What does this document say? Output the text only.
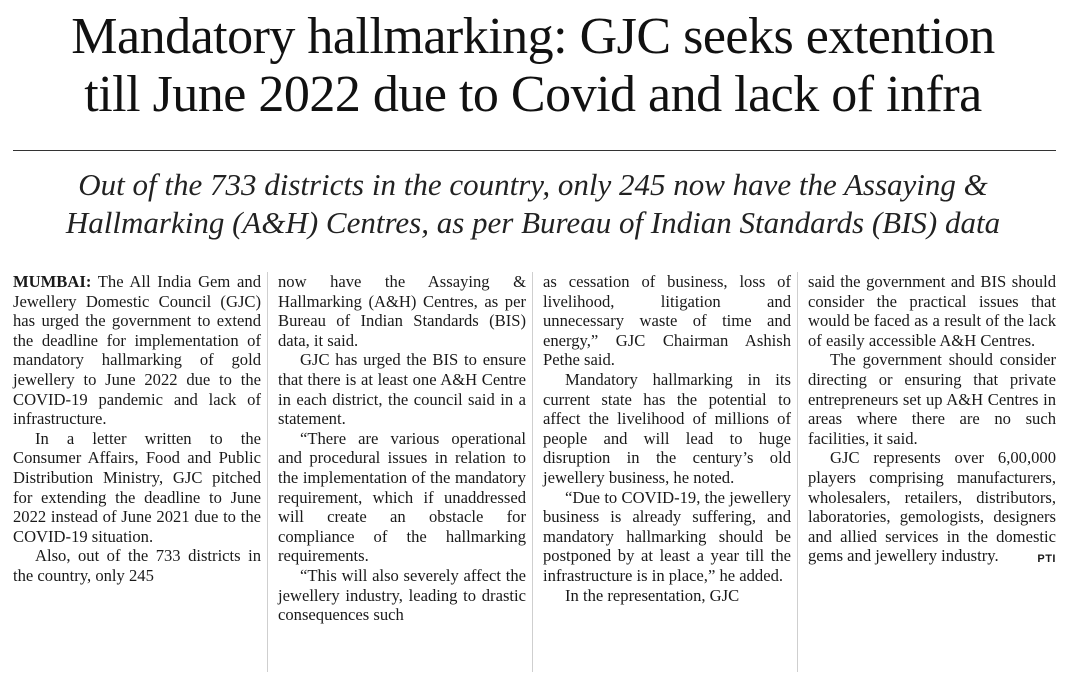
Mandatory hallmarking: GJC seeks extention
till June 2022 due to Covid and lack of infra
Out of the 733 districts in the country, only 245 now have the Assaying &
Hallmarking (A&H) Centres, as per Bureau of Indian Standards (BIS) data

MUMBAI: The All India Gem and Jewellery Domestic Council (GJC) has urged the government to extend the deadline for implementation of mandatory hallmarking of gold jewellery to June 2022 due to the COVID-19 pandemic and lack of infrastructure.

In a letter written to the Consumer Affairs, Food and Public Distribution Ministry, GJC pitched for extending the deadline to June 2022 instead of June 2021 due to the COVID-19 situation.

Also, out of the 733 districts in the country, only 245

now have the Assaying & Hallmarking (A&H) Centres, as per Bureau of Indian Standards (BIS) data, it said.

GJC has urged the BIS to ensure that there is at least one A&H Centre in each district, the council said in a statement.

“There are various operational and procedural issues in relation to the implementation of the mandatory requirement, which if unaddressed will create an obstacle for compliance of the hallmarking requirements.

“This will also severely affect the jewellery industry, leading to drastic consequences such

as cessation of business, loss of livelihood, litigation and unnecessary waste of time and energy,” GJC Chairman Ashish Pethe said.

Mandatory hallmarking in its current state has the potential to affect the livelihood of millions of people and will lead to huge disruption in the century’s old jewellery business, he noted.

“Due to COVID-19, the jewellery business is already suffering, and mandatory hallmarking should be postponed by at least a year till the infrastructure is in place,” he added.

In the representation, GJC

said the government and BIS should consider the practical issues that would be faced as a result of the lack of easily accessible A&H Centres.

The government should consider directing or ensuring that private entrepreneurs set up A&H Centres in areas where there are no such facilities, it said.

GJC represents over 6,00,000 players comprising manufacturers, wholesalers, retailers, distributors, laboratories, gemologists, designers and allied services in the domestic gems and jewellery industry.	PTI
